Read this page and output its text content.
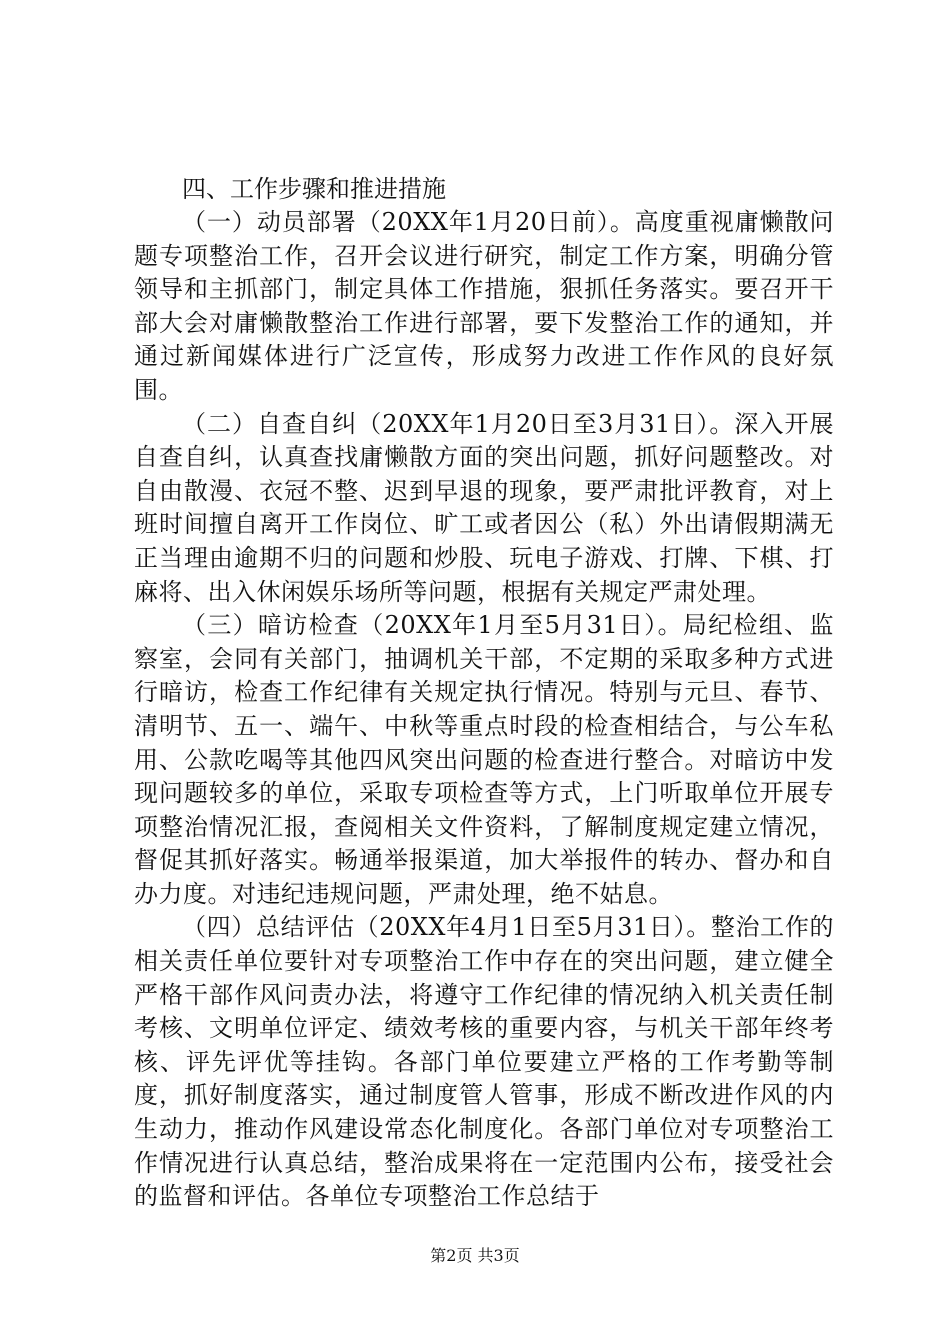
四、工作步骤和推进措施

（一）动员部署（20XX年1月20日前）。高度重视庸懒散问题专项整治工作，召开会议进行研究，制定工作方案，明确分管领导和主抓部门，制定具体工作措施，狠抓任务落实。要召开干部大会对庸懒散整治工作进行部署，要下发整治工作的通知，并通过新闻媒体进行广泛宣传，形成努力改进工作作风的良好氛围。

（二）自查自纠（20XX年1月20日至3月31日）。深入开展自查自纠，认真查找庸懒散方面的突出问题，抓好问题整改。对自由散漫、衣冠不整、迟到早退的现象，要严肃批评教育，对上班时间擅自离开工作岗位、旷工或者因公（私）外出请假期满无正当理由逾期不归的问题和炒股、玩电子游戏、打牌、下棋、打麻将、出入休闲娱乐场所等问题，根据有关规定严肃处理。

（三）暗访检查（20XX年1月至5月31日）。局纪检组、监察室，会同有关部门，抽调机关干部，不定期的采取多种方式进行暗访，检查工作纪律有关规定执行情况。特别与元旦、春节、清明节、五一、端午、中秋等重点时段的检查相结合，与公车私用、公款吃喝等其他四风突出问题的检查进行整合。对暗访中发现问题较多的单位，采取专项检查等方式，上门听取单位开展专项整治情况汇报，查阅相关文件资料，了解制度规定建立情况，督促其抓好落实。畅通举报渠道，加大举报件的转办、督办和自办力度。对违纪违规问题，严肃处理，绝不姑息。

（四）总结评估（20XX年4月1日至5月31日）。整治工作的相关责任单位要针对专项整治工作中存在的突出问题，建立健全严格干部作风问责办法，将遵守工作纪律的情况纳入机关责任制考核、文明单位评定、绩效考核的重要内容，与机关干部年终考核、评先评优等挂钩。各部门单位要建立严格的工作考勤等制度，抓好制度落实，通过制度管人管事，形成不断改进作风的内生动力，推动作风建设常态化制度化。各部门单位对专项整治工作情况进行认真总结，整治成果将在一定范围内公布，接受社会的监督和评估。各单位专项整治工作总结于

第2页 共3页
